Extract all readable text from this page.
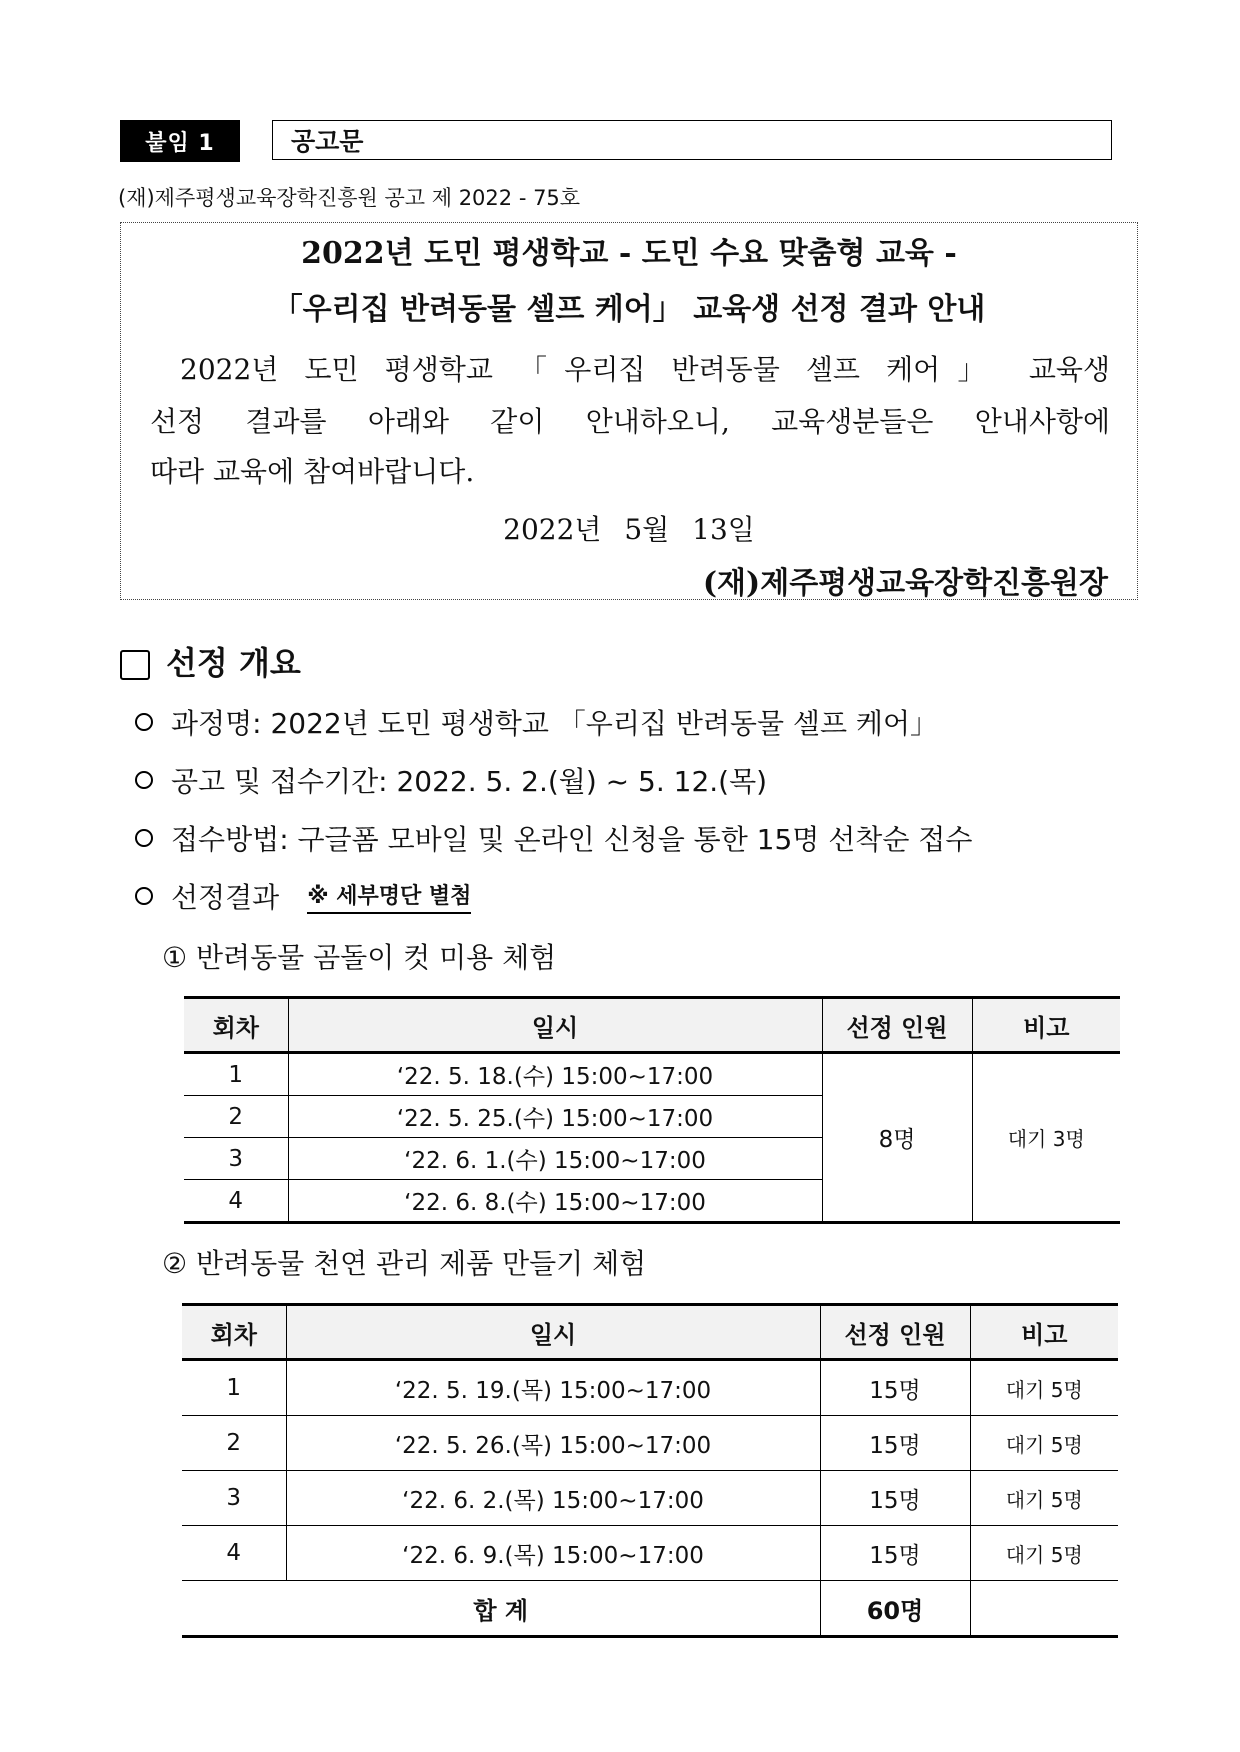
붙임 1	공고문
(재)제주평생교육장학진흥원 공고 제 2022 - 75호
2022년 도민 평생학교 - 도민 수요 맞춤형 교육 -
「우리집 반려동물 셀프 케어」 교육생 선정 결과 안내
2022년 도민 평생학교 「우리집 반려동물 셀프 케어」 교육생
선정 결과를 아래와 같이 안내하오니, 교육생분들은 안내사항에
따라 교육에 참여바랍니다.
2022년 5월 13일
(재)제주평생교육장학진흥원장
선정 개요
과정명: 2022년 도민 평생학교 「우리집 반려동물 셀프 케어」
공고 및 접수기간: 2022. 5. 2.(월) ~ 5. 12.(목)
접수방법: 구글폼 모바일 및 온라인 신청을 통한 15명 선착순 접수
선정결과 ※ 세부명단 별첨
① 반려동물 곰돌이 컷 미용 체험
회차	일시	선정 인원	비고
1	‘22. 5. 18.(수) 15:00~17:00	8명	대기 3명
2	‘22. 5. 25.(수) 15:00~17:00		
3	‘22. 6. 1.(수) 15:00~17:00		
4	‘22. 6. 8.(수) 15:00~17:00		
② 반려동물 천연 관리 제품 만들기 체험
회차	일시	선정 인원	비고
1	‘22. 5. 19.(목) 15:00~17:00	15명	대기 5명
2	‘22. 5. 26.(목) 15:00~17:00	15명	대기 5명
3	‘22. 6. 2.(목) 15:00~17:00	15명	대기 5명
4	‘22. 6. 9.(목) 15:00~17:00	15명	대기 5명
합 계		60명	
